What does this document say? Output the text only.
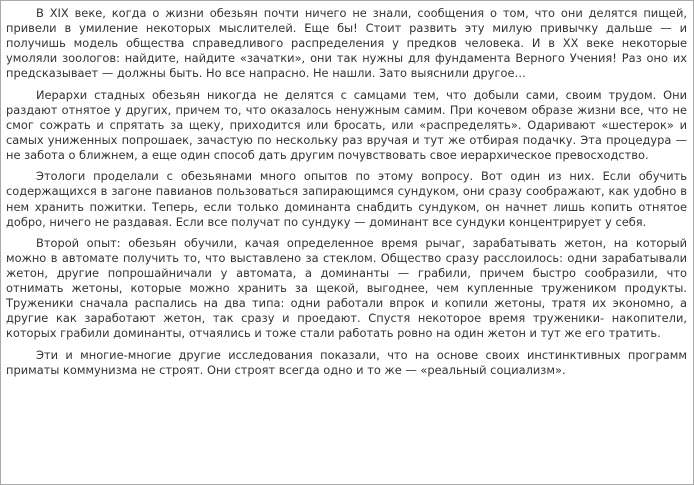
В XIX веке, когда о жизни обезьян почти ничего не знали, сообщения о том, что они делятся пищей, привели в умиление некоторых мыслителей. Еще бы! Стоит развить эту милую привычку дальше — и получишь модель общества справедливого распределения у предков человека. И в XX веке некоторые умоляли зоологов: найдите, найдите «зачатки», они так нужны для фундамента Верного Учения! Раз оно их предсказывает — должны быть. Но все напрасно. Не нашли. Зато выяснили другое…

Иерархи стадных обезьян никогда не делятся с самцами тем, что добыли сами, своим трудом. Они раздают отнятое у других, причем то, что оказалось ненужным самим. При кочевом образе жизни все, что не смог сожрать и спрятать за щеку, приходится или бросать, или «распределять». Одаривают «шестерок» и самых униженных попрошаек, зачастую по нескольку раз вручая и тут же отбирая подачку. Эта процедура — не забота о ближнем, а еще один способ дать другим почувствовать свое иерархическое превосходство.

Этологи проделали с обезьянами много опытов по этому вопросу. Вот один из них. Если обучить содержащихся в загоне павианов пользоваться запирающимся сундуком, они сразу соображают, как удобно в нем хранить пожитки. Теперь, если только доминанта снабдить сундуком, он начнет лишь копить отнятое добро, ничего не раздавая. Если все получат по сундуку — доминант все сундуки концентрирует у себя.

Второй опыт: обезьян обучили, качая определенное время рычаг, зарабатывать жетон, на который можно в автомате получить то, что выставлено за стеклом. Общество сразу расслоилось: одни зарабатывали жетон, другие попрошайничали у автомата, а доминанты — грабили, причем быстро сообразили, что отнимать жетоны, которые можно хранить за щекой, выгоднее, чем купленные тружеником продукты. Труженики сначала распались на два типа: одни работали впрок и копили жетоны, тратя их экономно, а другие как заработают жетон, так сразу и проедают. Спустя некоторое время труженики- накопители, которых грабили доминанты, отчаялись и тоже стали работать ровно на один жетон и тут же его тратить.

Эти и многие-многие другие исследования показали, что на основе своих инстинктивных программ приматы коммунизма не строят. Они строят всегда одно и то же — «реальный социализм».
